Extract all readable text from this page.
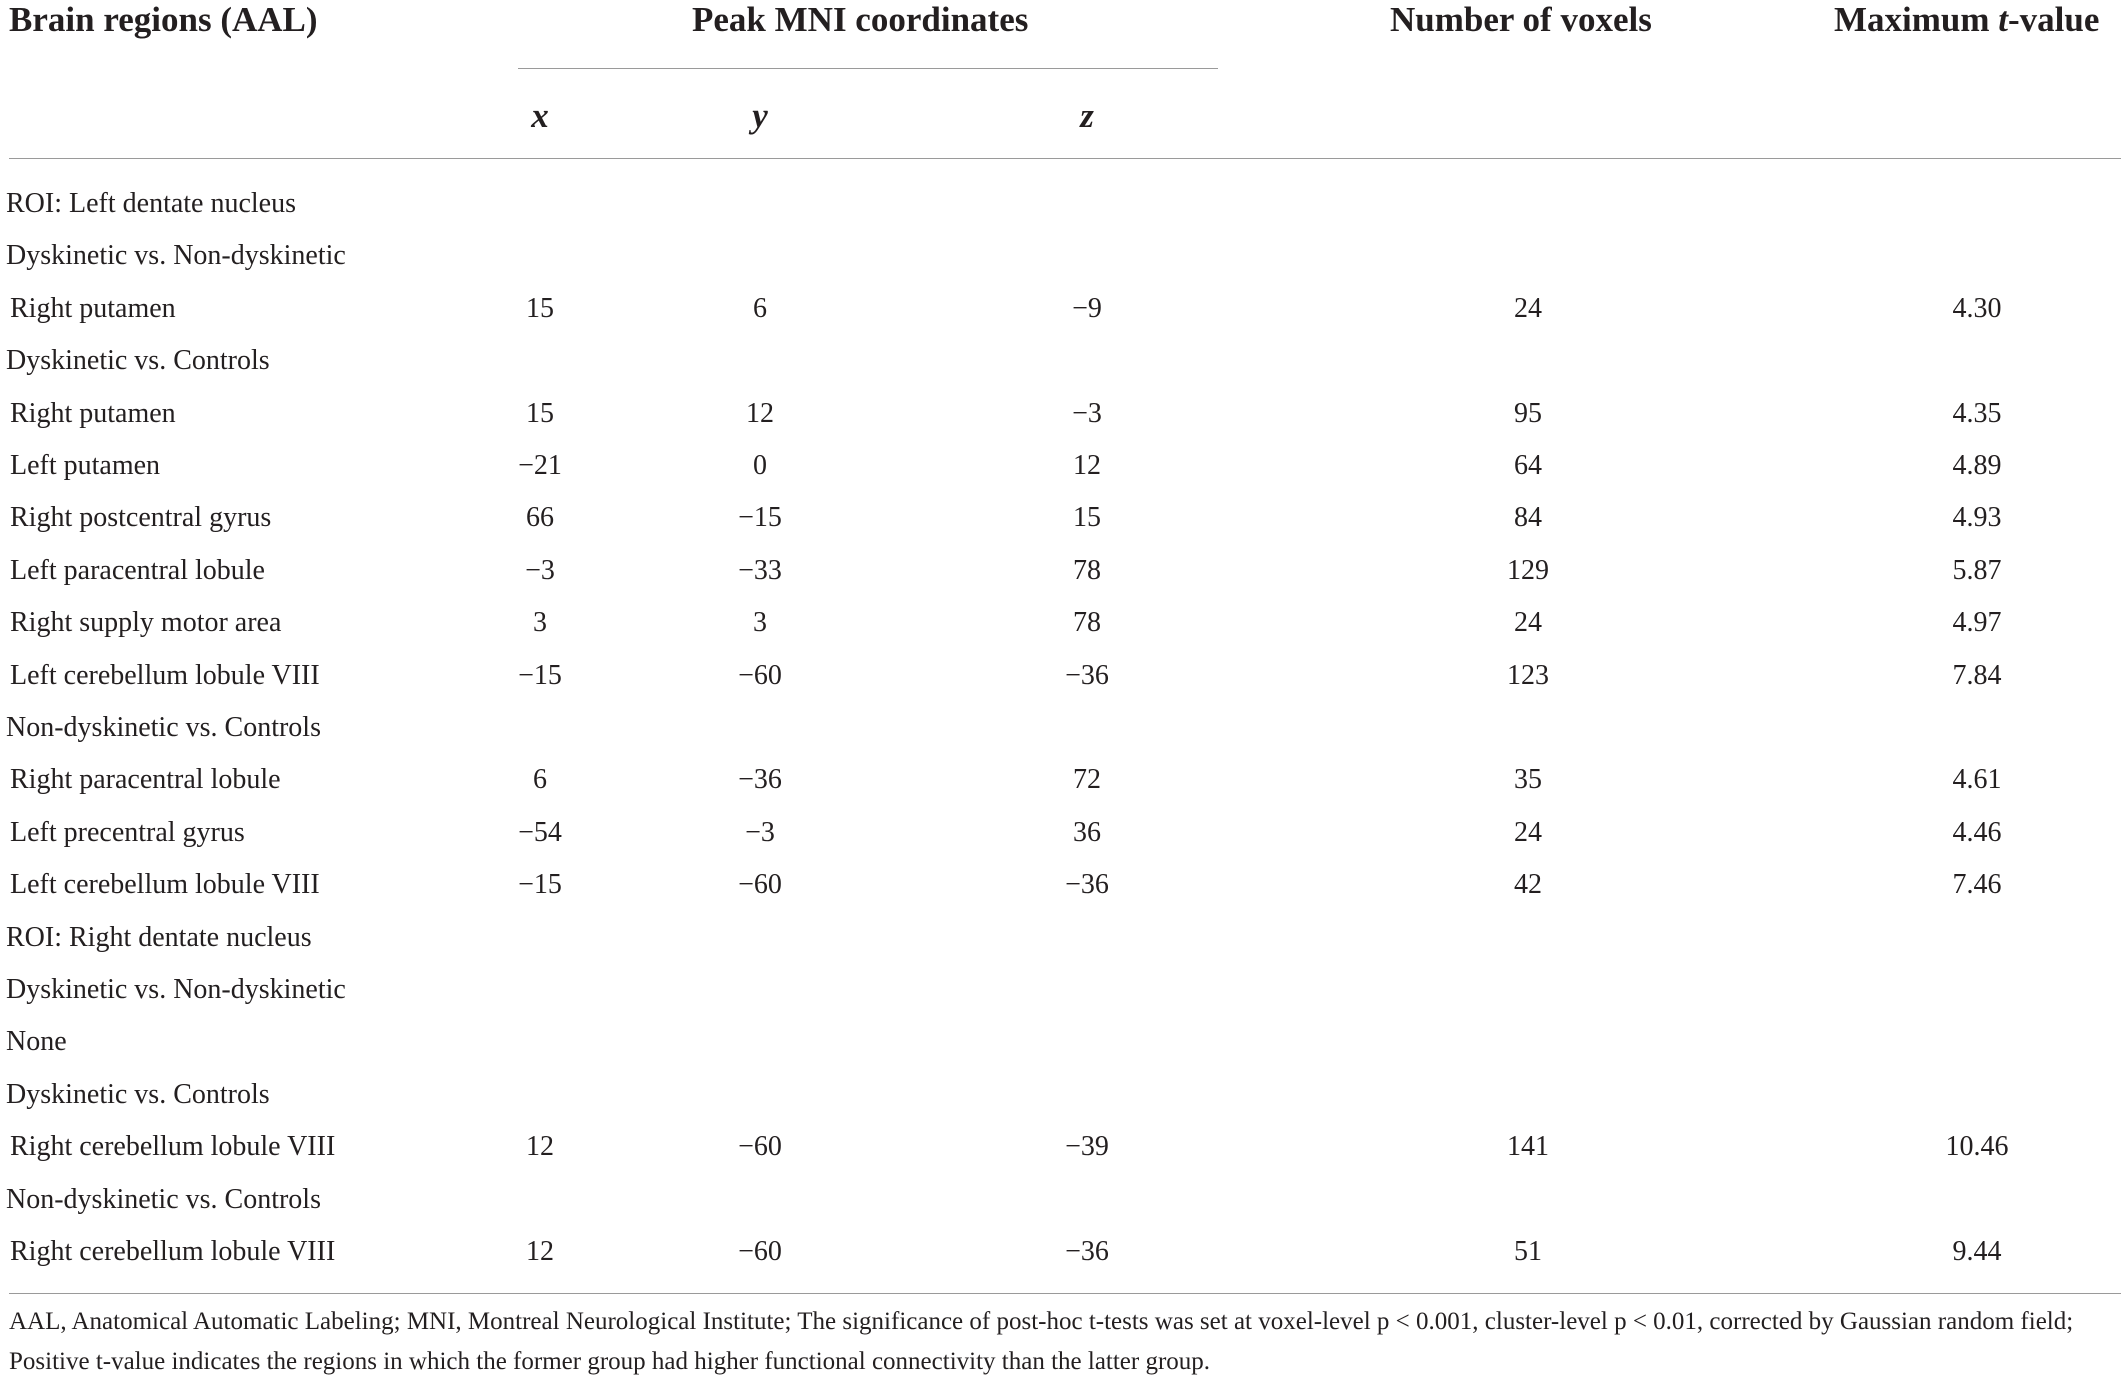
Brain regions (AAL)	Peak MNI coordinates	Number of voxels	Maximum t-value
x	y	z
ROI: Left dentate nucleus
Dyskinetic vs. Non-dyskinetic
Right putamen	15	6	−9	24	4.30
Dyskinetic vs. Controls
Right putamen	15	12	−3	95	4.35
Left putamen	−21	0	12	64	4.89
Right postcentral gyrus	66	−15	15	84	4.93
Left paracentral lobule	−3	−33	78	129	5.87
Right supply motor area	3	3	78	24	4.97
Left cerebellum lobule VIII	−15	−60	−36	123	7.84
Non-dyskinetic vs. Controls
Right paracentral lobule	6	−36	72	35	4.61
Left precentral gyrus	−54	−3	36	24	4.46
Left cerebellum lobule VIII	−15	−60	−36	42	7.46
ROI: Right dentate nucleus
Dyskinetic vs. Non-dyskinetic
None
Dyskinetic vs. Controls
Right cerebellum lobule VIII	12	−60	−39	141	10.46
Non-dyskinetic vs. Controls
Right cerebellum lobule VIII	12	−60	−36	51	9.44
AAL, Anatomical Automatic Labeling; MNI, Montreal Neurological Institute; The significance of post-hoc t-tests was set at voxel-level p < 0.001, cluster-level p < 0.01, corrected by Gaussian random field; Positive t-value indicates the regions in which the former group had higher functional connectivity than the latter group.
